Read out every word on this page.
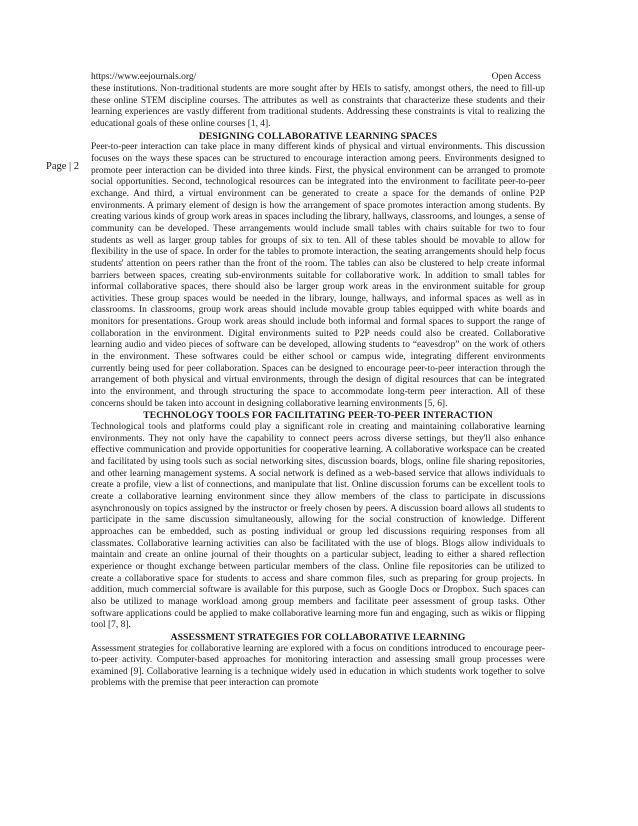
https://www.eejournals.org/	Open Access
Page | 2

these institutions. Non-traditional students are more sought after by HEIs to satisfy, amongst others, the need to fill-up these online STEM discipline courses. The attributes as well as constraints that characterize these students and their learning experiences are vastly different from traditional students. Addressing these constraints is vital to realizing the educational goals of these online courses [1, 4].

DESIGNING COLLABORATIVE LEARNING SPACES

Peer-to-peer interaction can take place in many different kinds of physical and virtual environments. This discussion focuses on the ways these spaces can be structured to encourage interaction among peers. Environments designed to promote peer interaction can be divided into three kinds. First, the physical environment can be arranged to promote social opportunities. Second, technological resources can be integrated into the environment to facilitate peer-to-peer exchange. And third, a virtual environment can be generated to create a space for the demands of online P2P environments. A primary element of design is how the arrangement of space promotes interaction among students. By creating various kinds of group work areas in spaces including the library, hallways, classrooms, and lounges, a sense of community can be developed. These arrangements would include small tables with chairs suitable for two to four students as well as larger group tables for groups of six to ten. All of these tables should be movable to allow for flexibility in the use of space. In order for the tables to promote interaction, the seating arrangements should help focus students' attention on peers rather than the front of the room. The tables can also be clustered to help create informal barriers between spaces, creating sub-environments suitable for collaborative work. In addition to small tables for informal collaborative spaces, there should also be larger group work areas in the environment suitable for group activities. These group spaces would be needed in the library, lounge, hallways, and informal spaces as well as in classrooms. In classrooms, group work areas should include movable group tables equipped with white boards and monitors for presentations. Group work areas should include both informal and formal spaces to support the range of collaboration in the environment. Digital environments suited to P2P needs could also be created. Collaborative learning audio and video pieces of software can be developed, allowing students to “eavesdrop” on the work of others in the environment. These softwares could be either school or campus wide, integrating different environments currently being used for peer collaboration. Spaces can be designed to encourage peer-to-peer interaction through the arrangement of both physical and virtual environments, through the design of digital resources that can be integrated into the environment, and through structuring the space to accommodate long-term peer interaction. All of these concerns should be taken into account in designing collaborative learning environments [5, 6].

TECHNOLOGY TOOLS FOR FACILITATING PEER-TO-PEER INTERACTION

Technological tools and platforms could play a significant role in creating and maintaining collaborative learning environments. They not only have the capability to connect peers across diverse settings, but they'll also enhance effective communication and provide opportunities for cooperative learning. A collaborative workspace can be created and facilitated by using tools such as social networking sites, discussion boards, blogs, online file sharing repositories, and other learning management systems. A social network is defined as a web-based service that allows individuals to create a profile, view a list of connections, and manipulate that list. Online discussion forums can be excellent tools to create a collaborative learning environment since they allow members of the class to participate in discussions asynchronously on topics assigned by the instructor or freely chosen by peers. A discussion board allows all students to participate in the same discussion simultaneously, allowing for the social construction of knowledge. Different approaches can be embedded, such as posting individual or group led discussions requiring responses from all classmates. Collaborative learning activities can also be facilitated with the use of blogs. Blogs allow individuals to maintain and create an online journal of their thoughts on a particular subject, leading to either a shared reflection experience or thought exchange between particular members of the class. Online file repositories can be utilized to create a collaborative space for students to access and share common files, such as preparing for group projects. In addition, much commercial software is available for this purpose, such as Google Docs or Dropbox. Such spaces can also be utilized to manage workload among group members and facilitate peer assessment of group tasks. Other software applications could be applied to make collaborative learning more fun and engaging, such as wikis or flipping tool [7, 8].

ASSESSMENT STRATEGIES FOR COLLABORATIVE LEARNING

Assessment strategies for collaborative learning are explored with a focus on conditions introduced to encourage peer-to-peer activity. Computer-based approaches for monitoring interaction and assessing small group processes were examined [9]. Collaborative learning is a technique widely used in education in which students work together to solve problems with the premise that peer interaction can promote
